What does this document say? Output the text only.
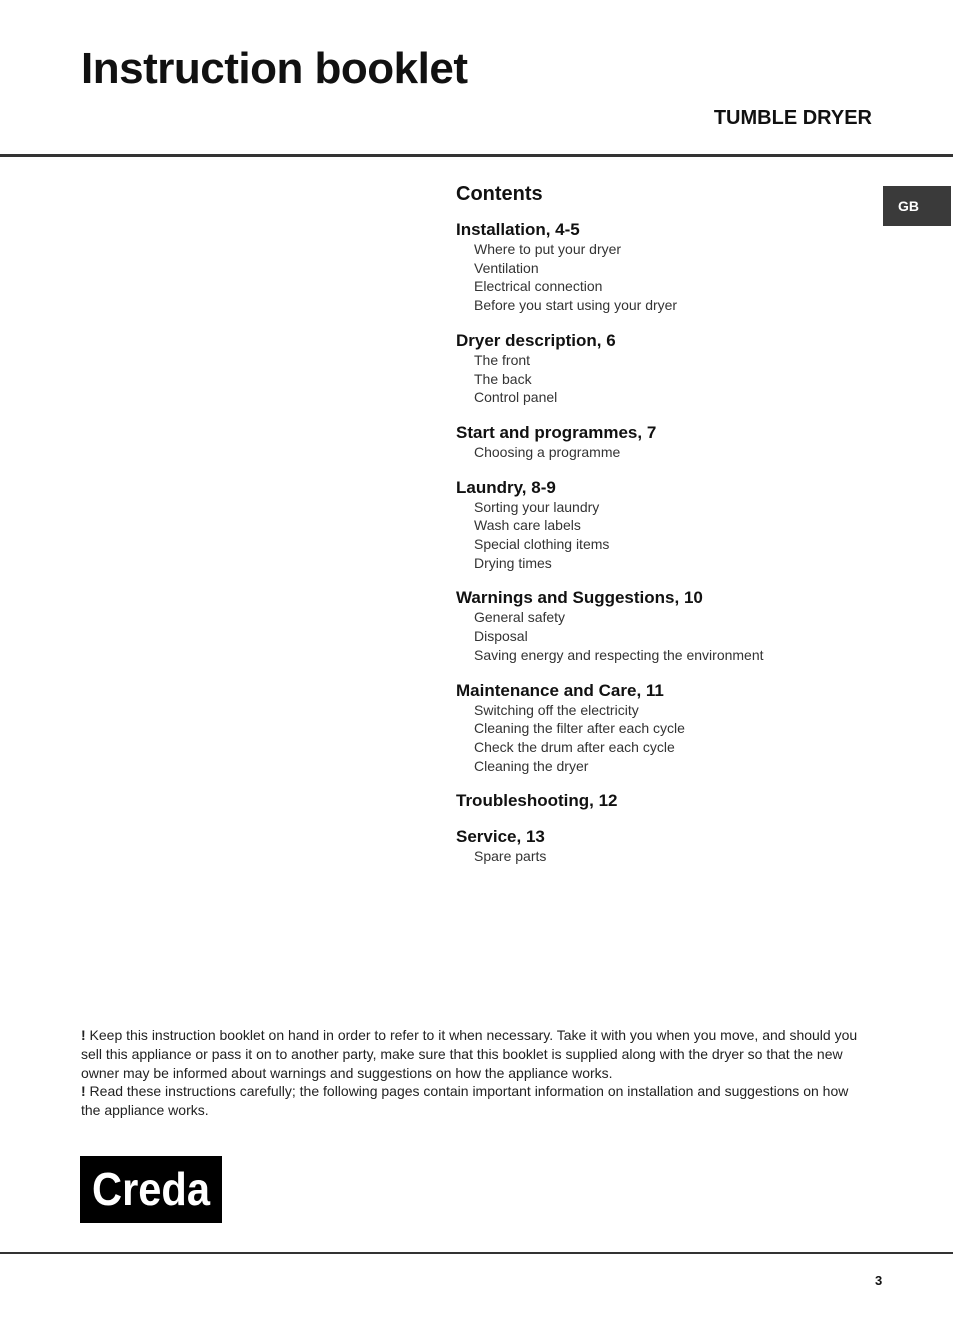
Instruction booklet
TUMBLE DRYER
GB
Contents
Installation, 4-5
Where to put your dryer
Ventilation
Electrical connection
Before you start using your dryer
Dryer description, 6
The front
The back
Control panel
Start and programmes, 7
Choosing a programme
Laundry, 8-9
Sorting your laundry
Wash care labels
Special clothing items
Drying times
Warnings and Suggestions, 10
General safety
Disposal
Saving energy and respecting the environment
Maintenance and Care, 11
Switching off the electricity
Cleaning the filter after each cycle
Check the drum after each cycle
Cleaning the dryer
Troubleshooting, 12
Service, 13
Spare parts

! Keep this instruction booklet on hand in order to refer to it when necessary. Take it with you when you move, and should you sell this appliance or pass it on to another party, make sure that this booklet is supplied along with the dryer so that the new owner may be informed about warnings and suggestions on how the appliance works.

! Read these instructions carefully; the following pages contain important information on installation and suggestions on how the appliance works.

Creda
3
